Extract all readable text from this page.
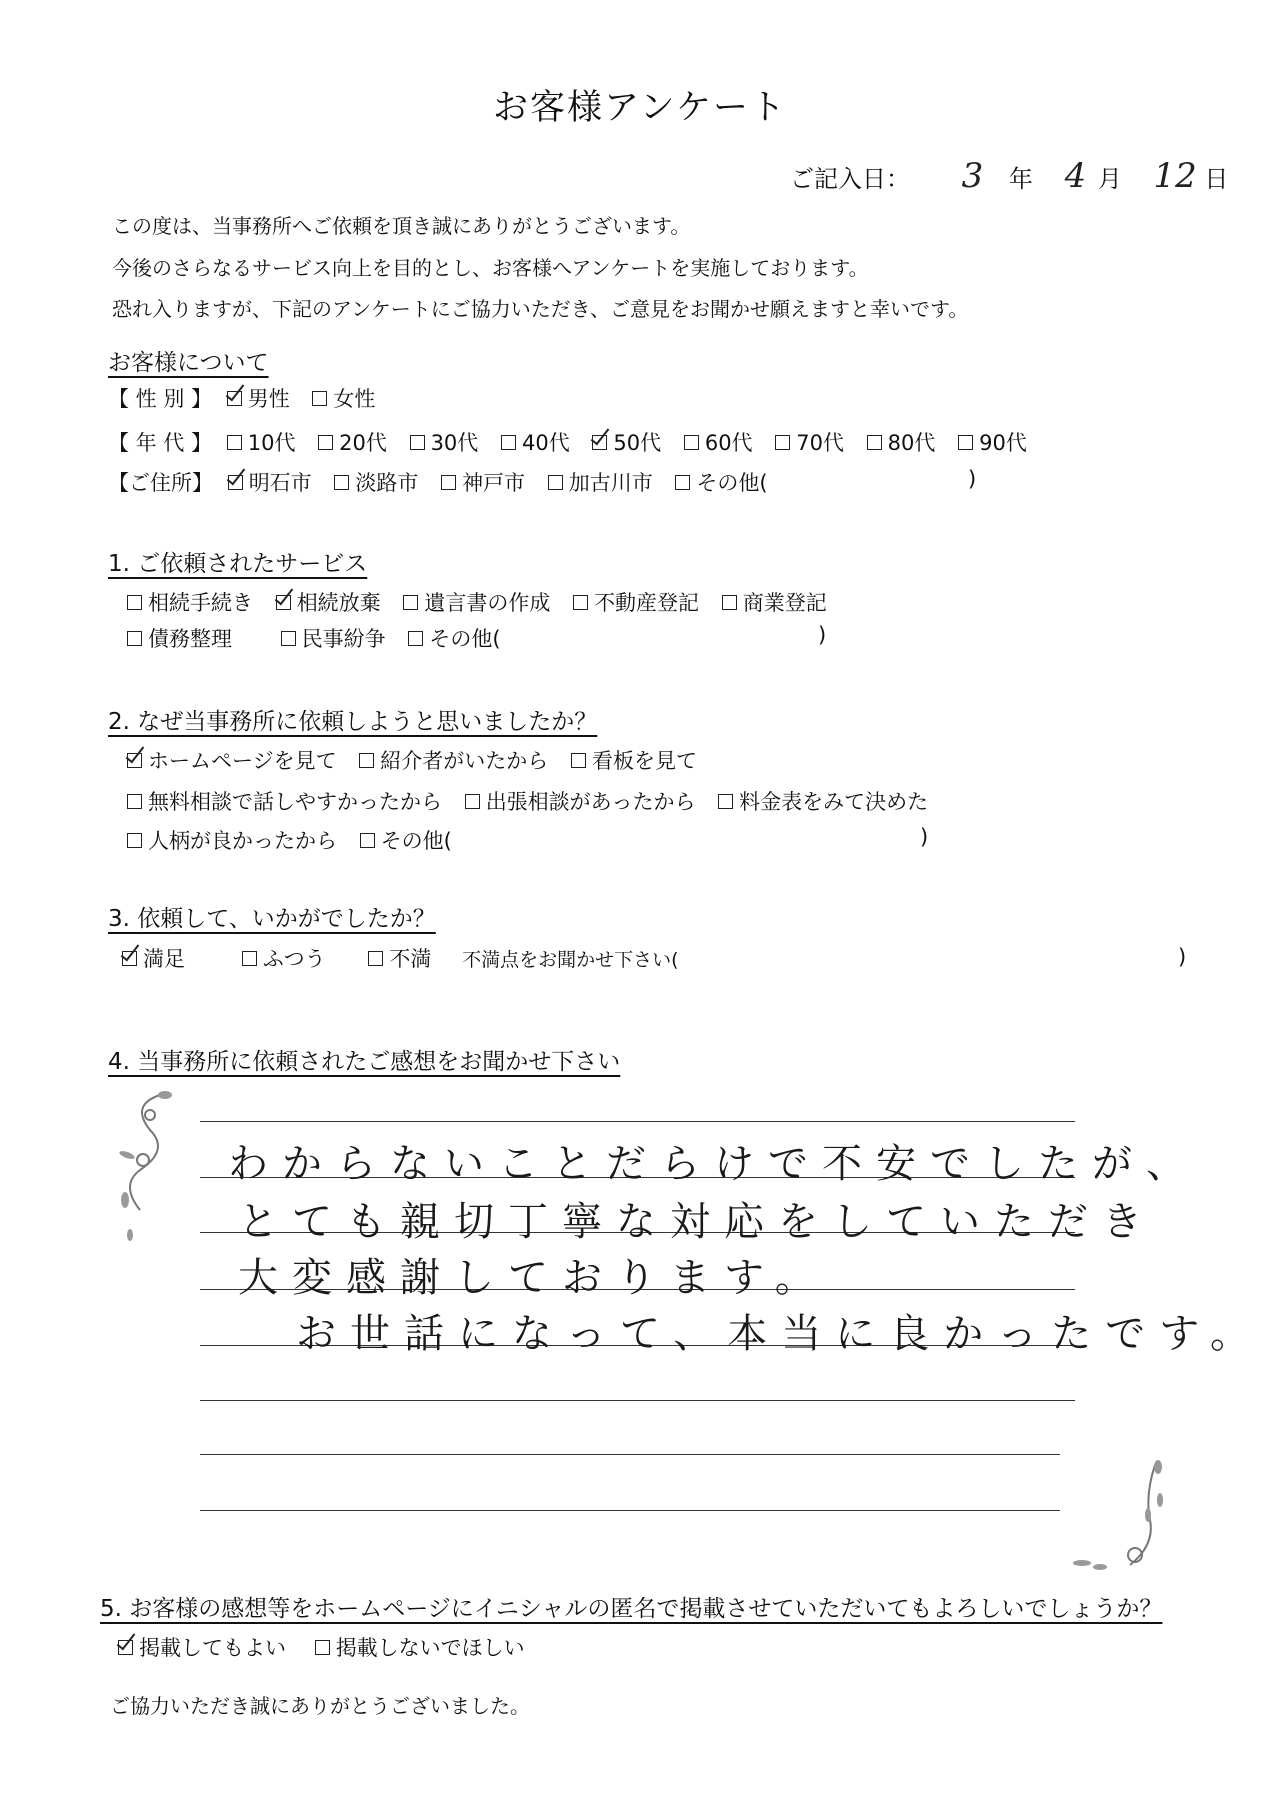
お客様アンケート
ご記入日： 3 年 4 月 12 日
この度は、当事務所へご依頼を頂き誠にありがとうございます。
今後のさらなるサービス向上を目的とし、お客様へアンケートを実施しております。
恐れ入りますが、下記のアンケートにご協力いただき、ご意見をお聞かせ願えますと幸いです。
お客様について
【 性 別 】 男性 女性
【 年 代 】 10代 20代 30代 40代 50代 60代 70代 80代 90代
【ご住所】 明石市 淡路市 神戸市 加古川市 その他(	)
1. ご依頼されたサービス
相続手続き 相続放棄 遺言書の作成 不動産登記 商業登記
債務整理	民事紛争 その他(	)
2. なぜ当事務所に依頼しようと思いましたか？
ホームページを見て 紹介者がいたから 看板を見て
無料相談で話しやすかったから 出張相談があったから 料金表をみて決めた
人柄が良かったから その他(	)
3. 依頼して、いかがでしたか？
満足	ふつう	不満 不満点をお聞かせ下さい(	)
4. 当事務所に依頼されたご感想をお聞かせ下さい
わからないことだらけで不安でしたが、
とても親切丁寧な対応をしていただき
大変感謝しております。
お世話になって、本当に良かったです。
5. お客様の感想等をホームページにイニシャルの匿名で掲載させていただいてもよろしいでしょうか？
掲載してもよい 掲載しないでほしい
ご協力いただき誠にありがとうございました。
